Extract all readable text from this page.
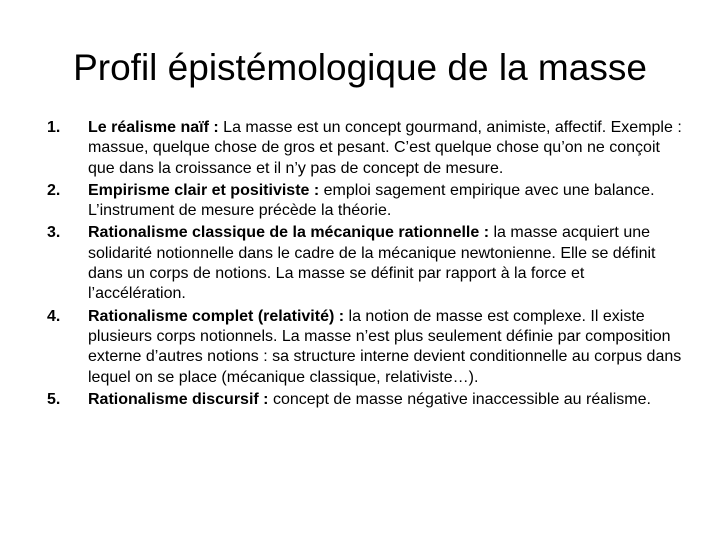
Profil épistémologique de la masse
1. Le réalisme naïf : La masse est un concept gourmand, animiste, affectif. Exemple : massue, quelque chose de gros et pesant. C’est quelque chose qu’on ne conçoit que dans la croissance et il n’y pas de concept de mesure.
2. Empirisme clair et positiviste : emploi sagement empirique avec une balance. L’instrument de mesure précède la théorie.
3. Rationalisme classique de la mécanique rationnelle : la masse acquiert une solidarité notionnelle dans le cadre de la mécanique newtonienne. Elle se définit dans un corps de notions. La masse se définit par rapport à la force et l’accélération.
4. Rationalisme complet (relativité) : la notion de masse est complexe. Il existe plusieurs corps notionnels. La masse n’est plus seulement définie par composition externe d’autres notions : sa structure interne devient conditionnelle au corpus dans lequel on se place (mécanique classique, relativiste…).
5. Rationalisme discursif : concept de masse négative inaccessible au réalisme.
